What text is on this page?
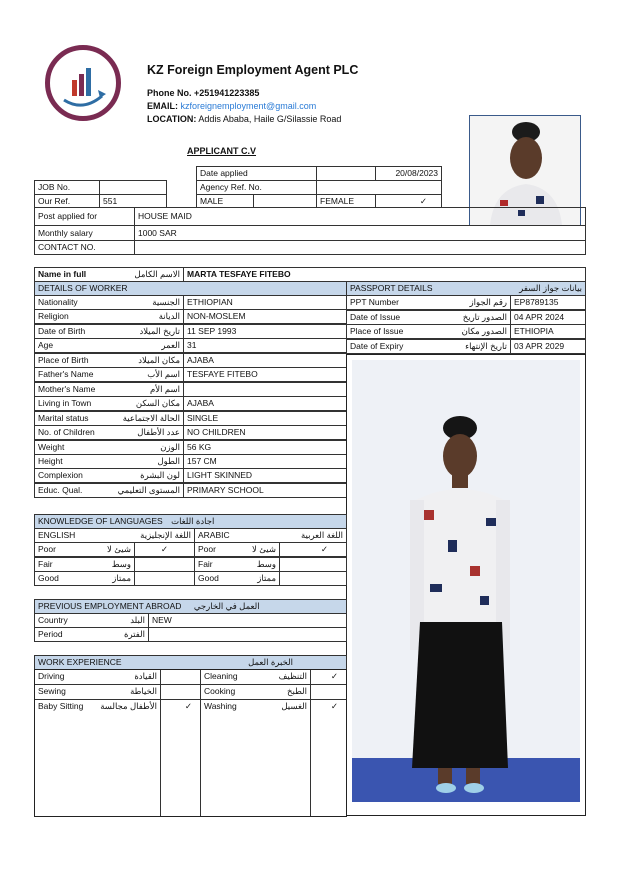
KZ Foreign Employment Agent PLC
Phone No. +251941223385
EMAIL: kzforeignemployment@gmail.com
LOCATION: Addis Ababa, Haile G/Silassie Road
APPLICANT C.V
Date applied	20/08/2023
JOB No.	Agency Ref. No.
Our Ref.	551	MALE	FEMALE	✓
Post applied for	HOUSE MAID
Monthly salary	1000 SAR
CONTACT NO.
Name in full	الاسم الكامل MARTA TESFAYE FITEBO
DETAILS OF WORKER
Nationality	الجنسية ETHIOPIAN
Religion	الديانة NON-MOSLEM
Date of Birth	تاريخ الميلاد 11 SEP 1993
Age	العمر 31
Place of Birth	مكان الميلاد AJABA
Father's Name	اسم الأب TESFAYE FITEBO
Mother's Name	اسم الأم
Living in Town	مكان السكن AJABA
Marital status	الحالة الاجتماعية SINGLE
No. of Children	عدد الأطفال NO CHILDREN
Weight	الوزن 56 KG
Height	الطول 157 CM
Complexion	لون البشرة LIGHT SKINNED
Educ. Qual.	المستوى التعليمي PRIMARY SCHOOL
PASSPORT DETAILS	بيانات جواز السفر
PPT Number	رقم الجواز EP8789135
Date of Issue	الصدور تاريخ 04 APR 2024
Place of Issue	الصدور مكان ETHIOPIA
Date of Expiry	تاريخ الإنتهاء 03 APR 2029
KNOWLEDGE OF LANGUAGES اجادة اللغات
ENGLISH	اللغة الإنجليزية ARABIC	اللغة العربية
Poor	شيئ لا	✓	Poor	شيئ لا	✓
Fair	وسط	Fair	وسط
Good	ممتاز	Good	ممتاز
PREVIOUS EMPLOYMENT ABROAD العمل في الخارجي
Country	البلد NEW
Period	الفترة
WORK EXPERIENCE	الخبرة العمل
Driving	القيادة	Cleaning	التنظيف	✓
Sewing	الخياطة	Cooking	الطبخ
Baby Sitting الأطفال مجالسة	✓	Washing	الغسيل	✓
